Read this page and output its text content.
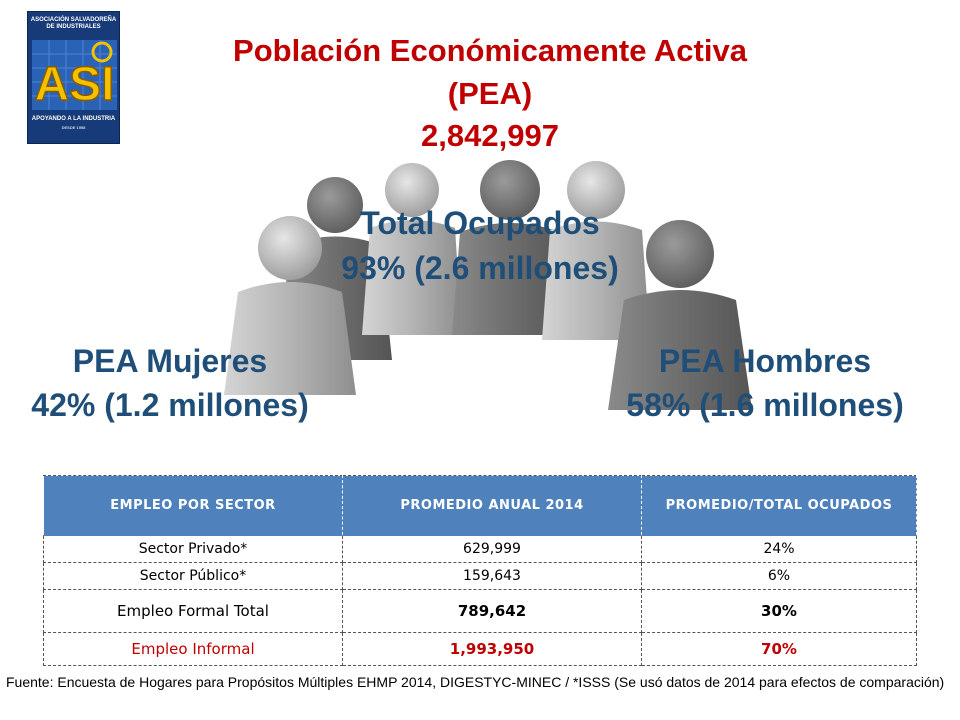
ASOCIACIÓN SALVADOREÑA
DE INDUSTRIALES
ASI
APOYANDO A LA INDUSTRIA
DESDE 1958
Población Económicamente Activa
(PEA)
2,842,997
Total Ocupados
93% (2.6 millones)
PEA Mujeres
42% (1.2 millones)
PEA Hombres
58% (1.6 millones)
EMPLEO POR SECTOR	PROMEDIO ANUAL 2014	PROMEDIO/TOTAL OCUPADOS
Sector Privado*	629,999	24%
Sector Público*	159,643	6%
Empleo Formal Total	789,642	30%
Empleo Informal	1,993,950	70%
Fuente: Encuesta de Hogares para Propósitos Múltiples EHMP 2014, DIGESTYC-MINEC / *ISSS (Se usó datos de 2014 para efectos de comparación)
